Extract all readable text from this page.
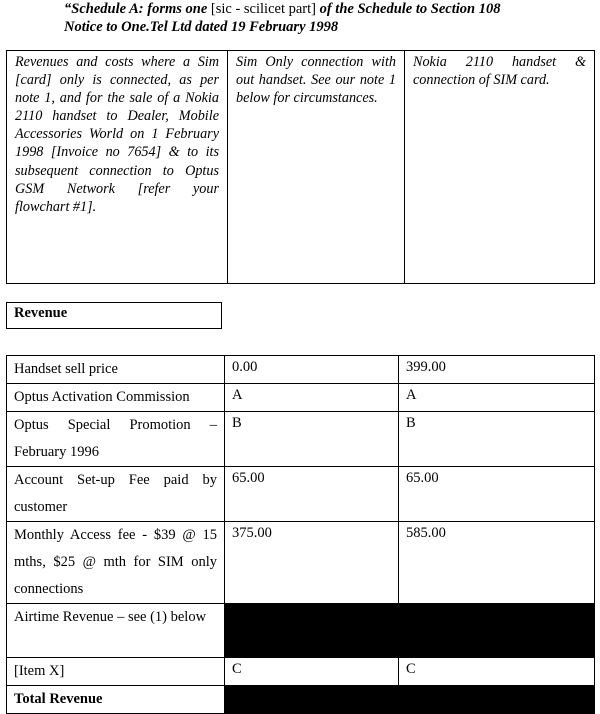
“Schedule A: forms one [sic - scilicet part] of the Schedule to Section 108
Notice to One.Tel Ltd dated 19 February 1998
Revenues and costs where a Sim [card] only is connected, as per note 1, and for the sale of a Nokia 2110 handset to Dealer, Mobile Accessories World on 1 February 1998 [Invoice no 7654] & to its subsequent connection to Optus GSM Network [refer your flowchart #1].	Sim Only connection with out handset. See our note 1 below for circumstances.	Nokia 2110 handset & connection of SIM card.
Revenue
Handset sell price	0.00	399.00
Optus Activation Commission	A	A
Optus Special Promotion – February 1996	B	B
Account Set-up Fee paid by customer	65.00	65.00
Monthly Access fee - $39 @ 15 mths, $25 @ mth for SIM only connections	375.00	585.00
Airtime Revenue – see (1) below		
[Item X]	C	C
Total Revenue		
